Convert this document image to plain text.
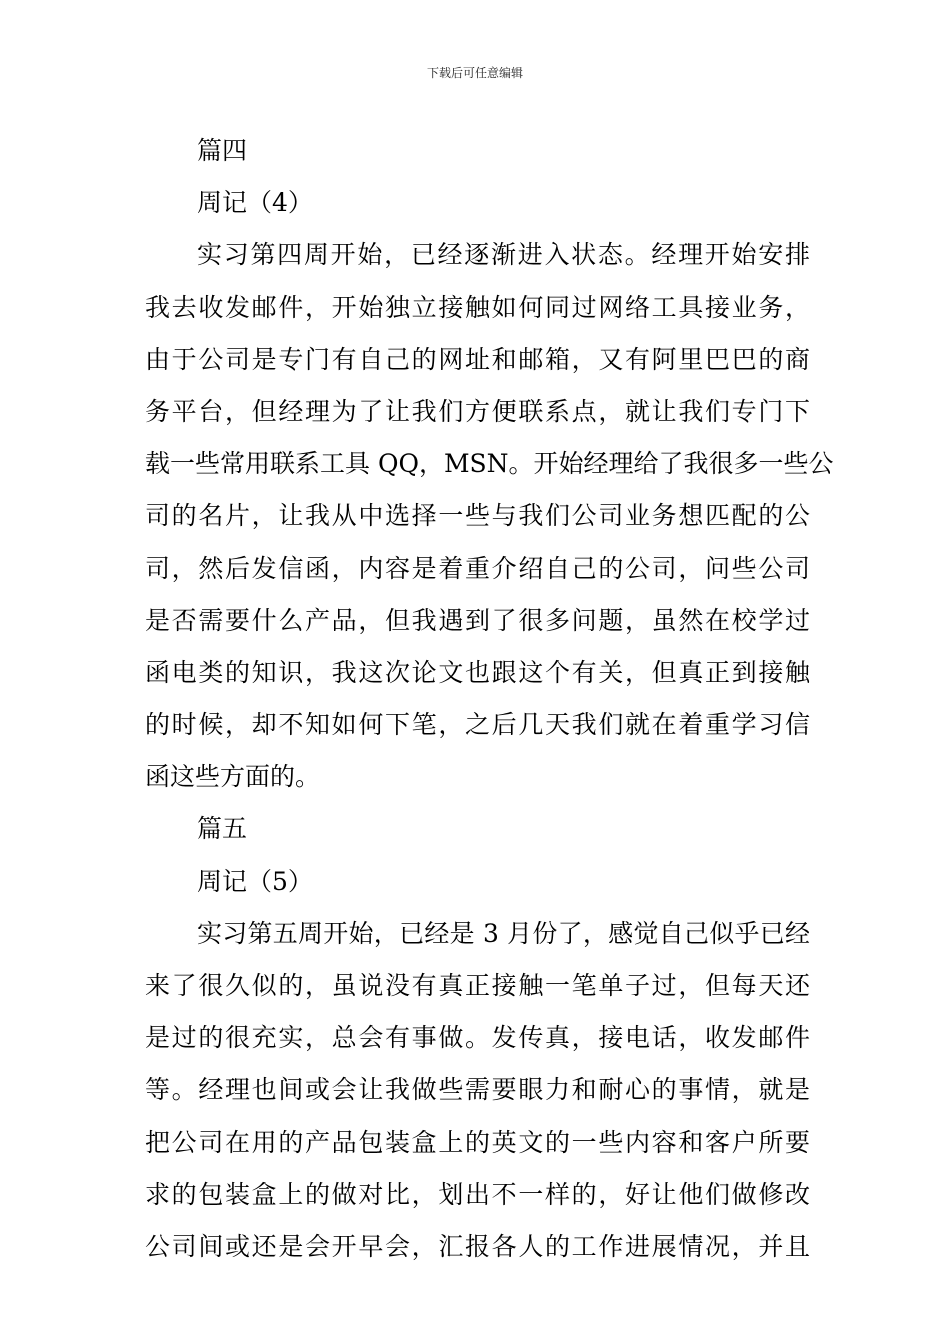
下载后可任意编辑
篇四
周记（4）
实习第四周开始，已经逐渐进入状态。经理开始安排
我去收发邮件，开始独立接触如何同过网络工具接业务，
由于公司是专门有自己的网址和邮箱，又有阿里巴巴的商
务平台，但经理为了让我们方便联系点，就让我们专门下
载一些常用联系工具 QQ，MSN。开始经理给了我很多一些公
司的名片，让我从中选择一些与我们公司业务想匹配的公
司，然后发信函，内容是着重介绍自己的公司，问些公司
是否需要什么产品，但我遇到了很多问题，虽然在校学过
函电类的知识，我这次论文也跟这个有关，但真正到接触
的时候，却不知如何下笔，之后几天我们就在着重学习信
函这些方面的。
篇五
周记（5）
实习第五周开始，已经是 3 月份了，感觉自己似乎已经
来了很久似的，虽说没有真正接触一笔单子过，但每天还
是过的很充实，总会有事做。发传真，接电话，收发邮件
等。经理也间或会让我做些需要眼力和耐心的事情，就是
把公司在用的产品包装盒上的英文的一些内容和客户所要
求的包装盒上的做对比，划出不一样的，好让他们做修改
公司间或还是会开早会，汇报各人的工作进展情况，并且
